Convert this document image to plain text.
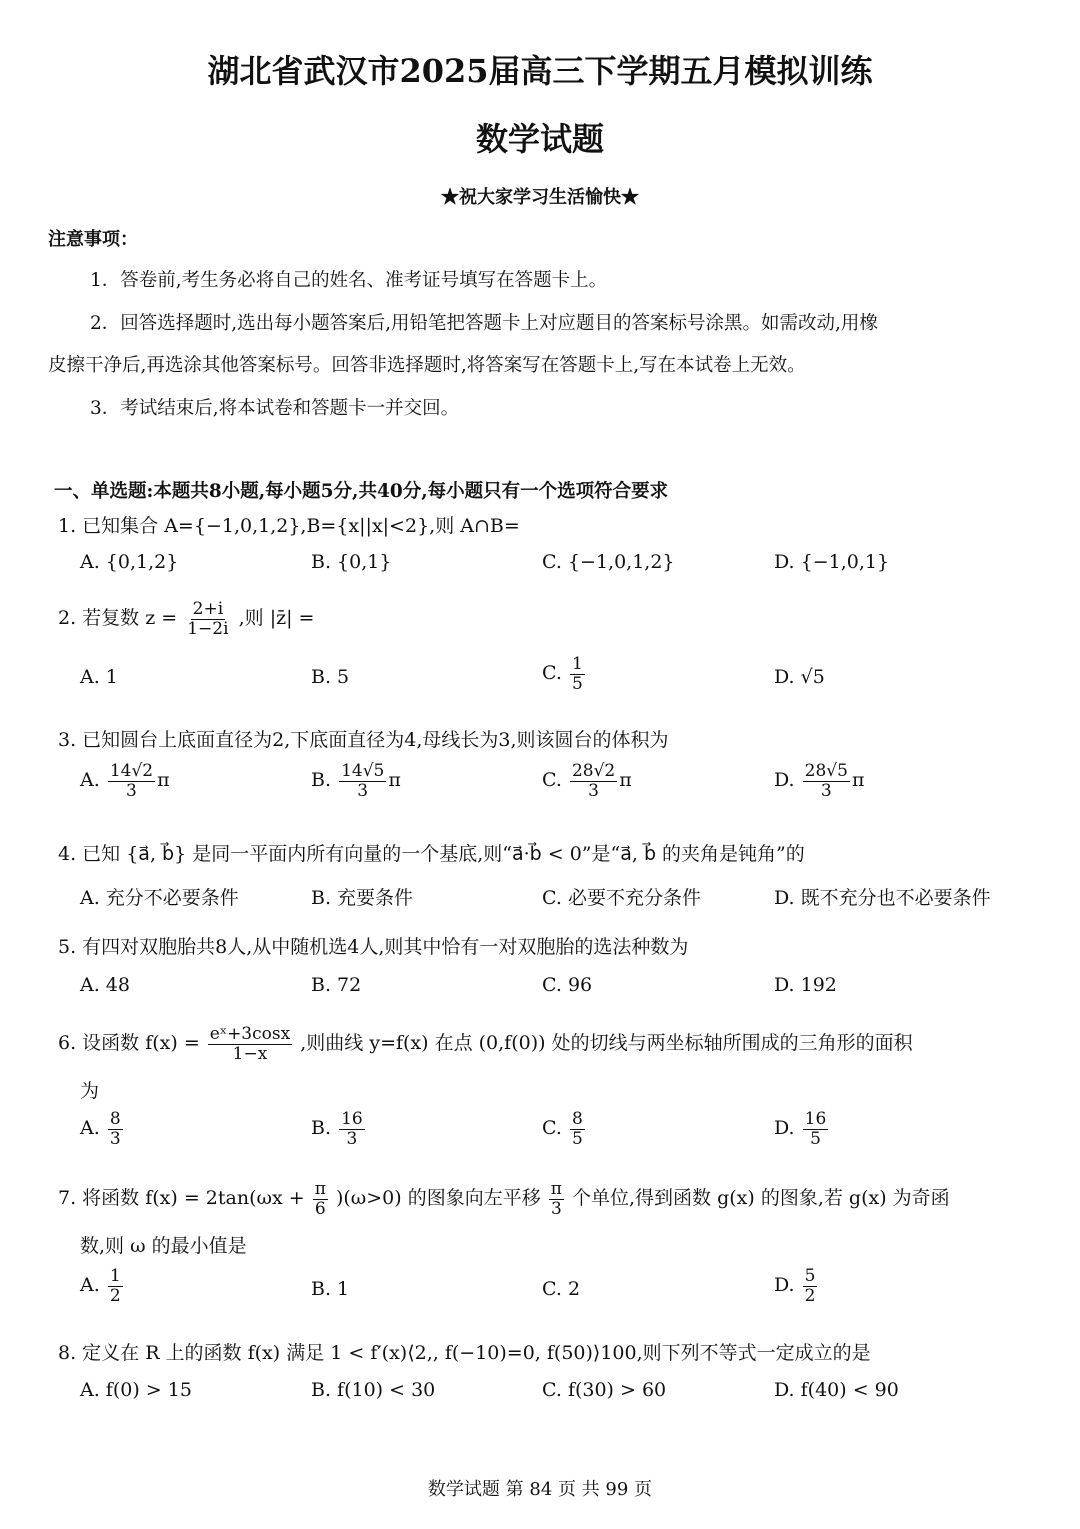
湖北省武汉市2025届高三下学期五月模拟训练
数学试题
★祝大家学习生活愉快★
注意事项：
1．答卷前,考生务必将自己的姓名、准考证号填写在答题卡上。
2．回答选择题时,选出每小题答案后,用铅笔把答题卡上对应题目的答案标号涂黑。如需改动,用橡
皮擦干净后,再选涂其他答案标号。回答非选择题时,将答案写在答题卡上,写在本试卷上无效。
3．考试结束后,将本试卷和答题卡一并交回。
一、单选题:本题共8小题,每小题5分,共40分,每小题只有一个选项符合要求
1. 已知集合 A={−1,0,1,2},B={x||x|<2},则 A∩B=
A. {0,1,2}	B. {0,1}	C. {−1,0,1,2}	D. {−1,0,1}
2. 若复数 $z = \frac{2+i}{1-2i}$ ,则 |z̄| =
A. 1	B. 5	C. $\frac{1}{5}$	D. √5
3. 已知圆台上底面直径为2,下底面直径为4,母线长为3,则该圆台的体积为
A. $\frac{14√2}{3}$ π	B. $\frac{14√5}{3}$ π	C. $\frac{28√2}{3}$ π	D. $\frac{28√5}{3}$ π
4. 已知 {a⃗, b⃗} 是同一平面内所有向量的一个基底,则“a⃗·b⃗ < 0”是“a⃗, b⃗ 的夹角是钝角”的
A. 充分不必要条件	B. 充要条件	C. 必要不充分条件	D. 既不充分也不必要条件
5. 有四对双胞胎共8人,从中随机选4人,则其中恰有一对双胞胎的选法种数为
A. 48	B. 72	C. 96	D. 192
6. 设函数 $f(x) = \frac{\text{eˣ+3cosx}}{1-x}$ ,则曲线 y=f(x) 在点 (0,f(0)) 处的切线与两坐标轴所围成的三角形的面积
为
A. $\frac{8}{3}$	B. $\frac{16}{3}$	C. $\frac{8}{5}$	D. $\frac{16}{5}$
7. 将函数 $f(x) = 2\tan(\omega x + \frac{\pi}{6} )(\omega>0)$ 的图象向左平移 $\frac{\pi}{3}$ 个单位,得到函数 g(x) 的图象,若 g(x) 为奇函
数,则 ω 的最小值是
A. $\frac{1}{2}$	B. 1	C. 2	D. $\frac{5}{2}$
8. 定义在 R 上的函数 f(x) 满足 1 < f′(x)⟨2,, f(−10)=0, f(50)⟩100,则下列不等式一定成立的是
A. f(0) > 15	B. f(10) < 30	C. f(30) > 60	D. f(40) < 90
数学试题 第 84 页 共 99 页
